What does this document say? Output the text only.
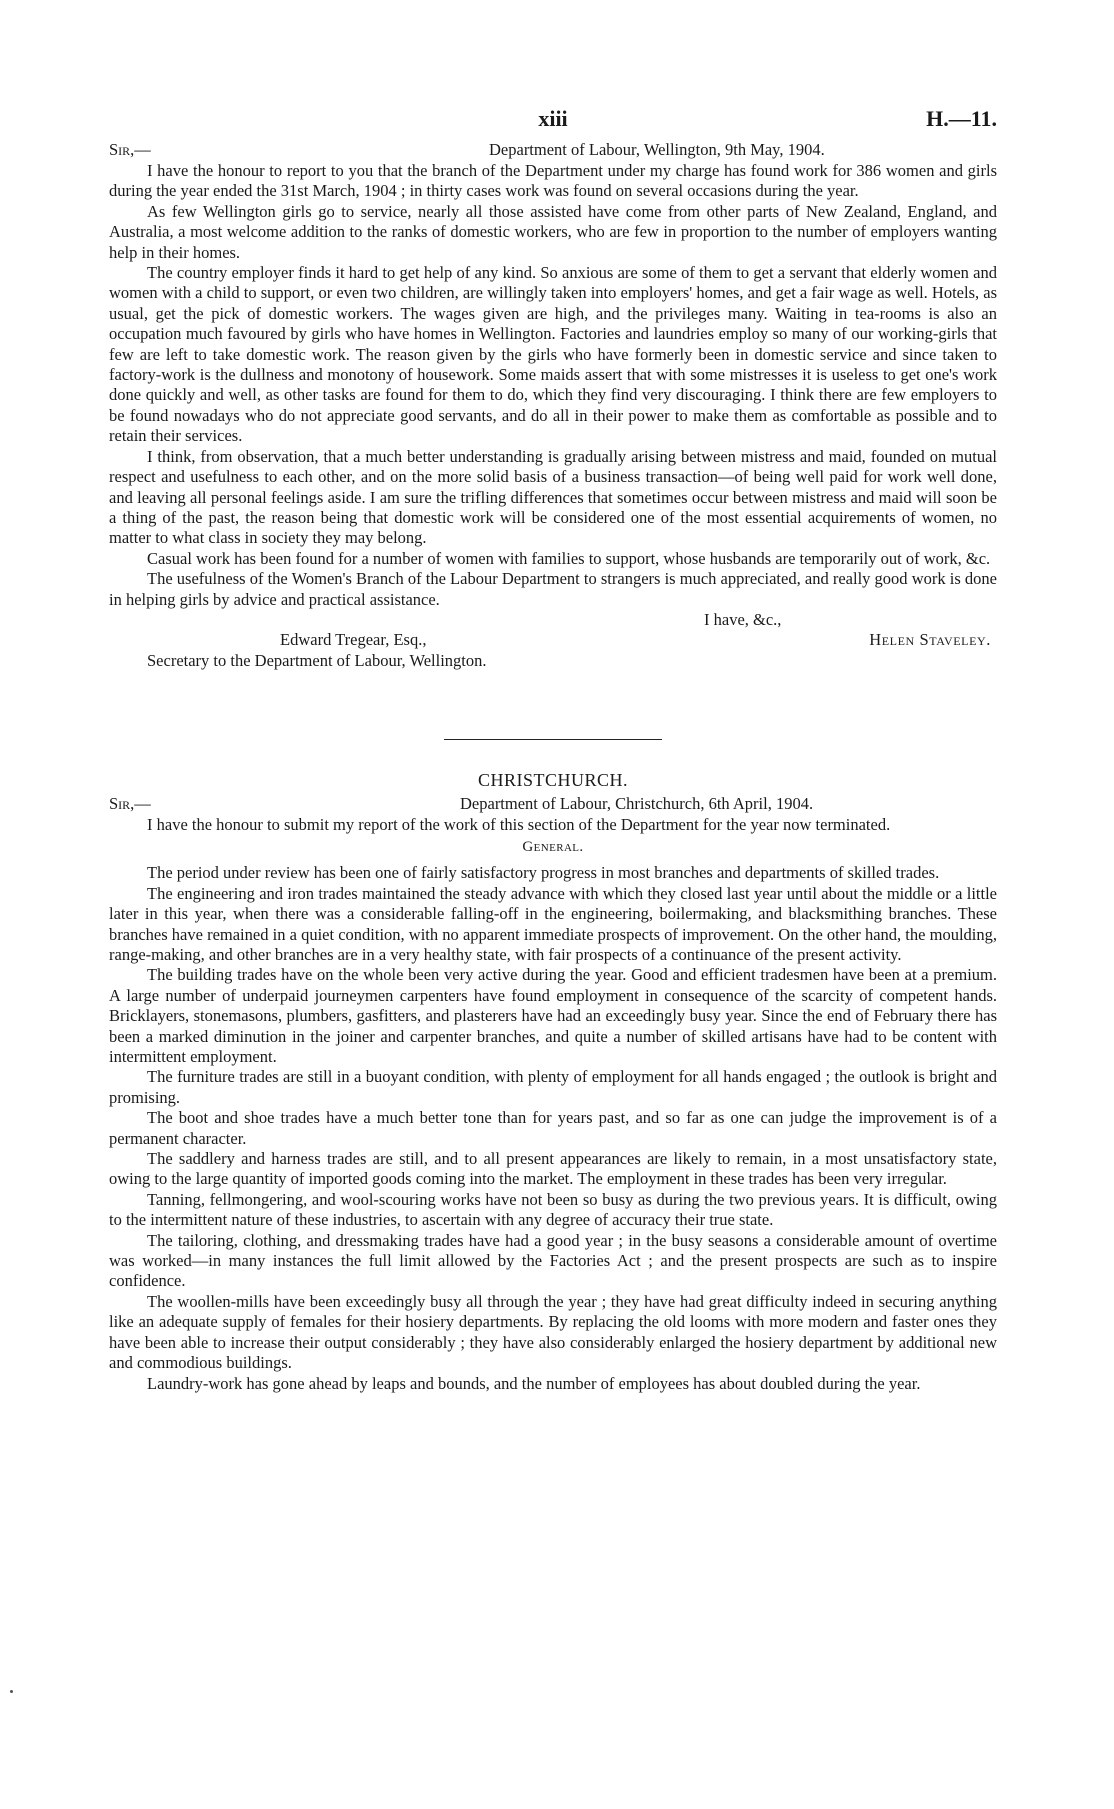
xiii	H.—11.
Sir,—	Department of Labour, Wellington, 9th May, 1904.

I have the honour to report to you that the branch of the Department under my charge has found work for 386 women and girls during the year ended the 31st March, 1904 ; in thirty cases work was found on several occasions during the year.

As few Wellington girls go to service, nearly all those assisted have come from other parts of New Zealand, England, and Australia, a most welcome addition to the ranks of domestic workers, who are few in proportion to the number of employers wanting help in their homes.

The country employer finds it hard to get help of any kind. So anxious are some of them to get a servant that elderly women and women with a child to support, or even two children, are willingly taken into employers' homes, and get a fair wage as well. Hotels, as usual, get the pick of domestic workers. The wages given are high, and the privileges many. Waiting in tea-rooms is also an occupation much favoured by girls who have homes in Wellington. Factories and laundries employ so many of our working-girls that few are left to take domestic work. The reason given by the girls who have formerly been in domestic service and since taken to factory-work is the dullness and monotony of housework. Some maids assert that with some mistresses it is useless to get one's work done quickly and well, as other tasks are found for them to do, which they find very discouraging. I think there are few employers to be found nowadays who do not appreciate good servants, and do all in their power to make them as comfortable as possible and to retain their services.

I think, from observation, that a much better understanding is gradually arising between mistress and maid, founded on mutual respect and usefulness to each other, and on the more solid basis of a business transaction—of being well paid for work well done, and leaving all personal feelings aside. I am sure the trifling differences that sometimes occur between mistress and maid will soon be a thing of the past, the reason being that domestic work will be considered one of the most essential acquirements of women, no matter to what class in society they may belong.

Casual work has been found for a number of women with families to support, whose husbands are temporarily out of work, &c.

The usefulness of the Women's Branch of the Labour Department to strangers is much appreciated, and really good work is done in helping girls by advice and practical assistance.

I have, &c.,
Edward Tregear, Esq.,	Helen Staveley.
Secretary to the Department of Labour, Wellington.
CHRISTCHURCH.
Sir,—	Department of Labour, Christchurch, 6th April, 1904.

I have the honour to submit my report of the work of this section of the Department for the year now terminated.

General.

The period under review has been one of fairly satisfactory progress in most branches and departments of skilled trades.

The engineering and iron trades maintained the steady advance with which they closed last year until about the middle or a little later in this year, when there was a considerable falling-off in the engineering, boilermaking, and blacksmithing branches. These branches have remained in a quiet condition, with no apparent immediate prospects of improvement. On the other hand, the moulding, range-making, and other branches are in a very healthy state, with fair prospects of a continuance of the present activity.

The building trades have on the whole been very active during the year. Good and efficient tradesmen have been at a premium. A large number of underpaid journeymen carpenters have found employment in consequence of the scarcity of competent hands. Bricklayers, stonemasons, plumbers, gasfitters, and plasterers have had an exceedingly busy year. Since the end of February there has been a marked diminution in the joiner and carpenter branches, and quite a number of skilled artisans have had to be content with intermittent employment.

The furniture trades are still in a buoyant condition, with plenty of employment for all hands engaged ; the outlook is bright and promising.

The boot and shoe trades have a much better tone than for years past, and so far as one can judge the improvement is of a permanent character.

The saddlery and harness trades are still, and to all present appearances are likely to remain, in a most unsatisfactory state, owing to the large quantity of imported goods coming into the market. The employment in these trades has been very irregular.

Tanning, fellmongering, and wool-scouring works have not been so busy as during the two previous years. It is difficult, owing to the intermittent nature of these industries, to ascertain with any degree of accuracy their true state.

The tailoring, clothing, and dressmaking trades have had a good year ; in the busy seasons a considerable amount of overtime was worked—in many instances the full limit allowed by the Factories Act ; and the present prospects are such as to inspire confidence.

The woollen-mills have been exceedingly busy all through the year ; they have had great difficulty indeed in securing anything like an adequate supply of females for their hosiery departments. By replacing the old looms with more modern and faster ones they have been able to increase their output considerably ; they have also considerably enlarged the hosiery department by additional new and commodious buildings.

Laundry-work has gone ahead by leaps and bounds, and the number of employees has about doubled during the year.
